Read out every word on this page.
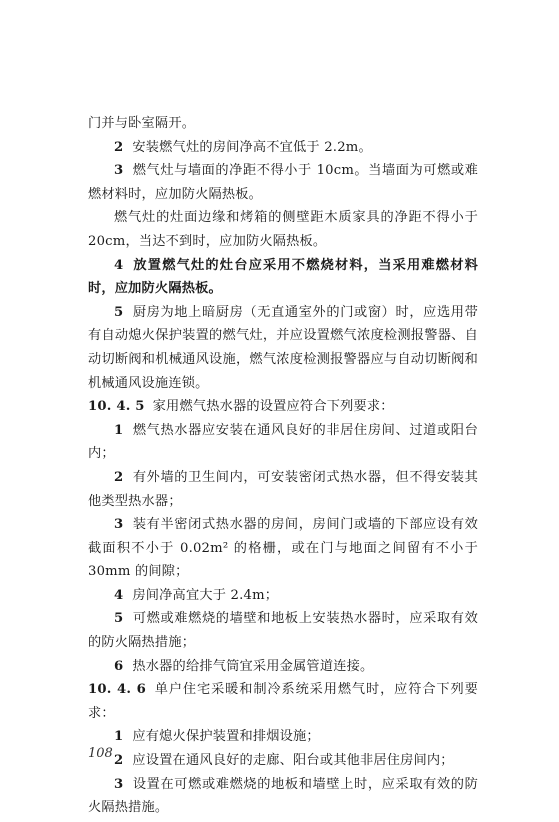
门并与卧室隔开。

2 安装燃气灶的房间净高不宜低于 2.2m。

3 燃气灶与墙面的净距不得小于 10cm。当墙面为可燃或难燃材料时，应加防火隔热板。

燃气灶的灶面边缘和烤箱的侧壁距木质家具的净距不得小于 20cm，当达不到时，应加防火隔热板。

4 放置燃气灶的灶台应采用不燃烧材料，当采用难燃材料时，应加防火隔热板。

5 厨房为地上暗厨房（无直通室外的门或窗）时，应选用带有自动熄火保护装置的燃气灶，并应设置燃气浓度检测报警器、自动切断阀和机械通风设施，燃气浓度检测报警器应与自动切断阀和机械通风设施连锁。

10. 4. 5 家用燃气热水器的设置应符合下列要求：

1 燃气热水器应安装在通风良好的非居住房间、过道或阳台内；

2 有外墙的卫生间内，可安装密闭式热水器，但不得安装其他类型热水器；

3 装有半密闭式热水器的房间，房间门或墙的下部应设有效截面积不小于 0.02m² 的格栅，或在门与地面之间留有不小于 30mm 的间隙；

4 房间净高宜大于 2.4m；

5 可燃或难燃烧的墙壁和地板上安装热水器时，应采取有效的防火隔热措施；

6 热水器的给排气筒宜采用金属管道连接。

10. 4. 6 单户住宅采暖和制冷系统采用燃气时，应符合下列要求：

1 应有熄火保护装置和排烟设施；

2 应设置在通风良好的走廊、阳台或其他非居住房间内；

3 设置在可燃或难燃烧的地板和墙壁上时，应采取有效的防火隔热措施。

108
